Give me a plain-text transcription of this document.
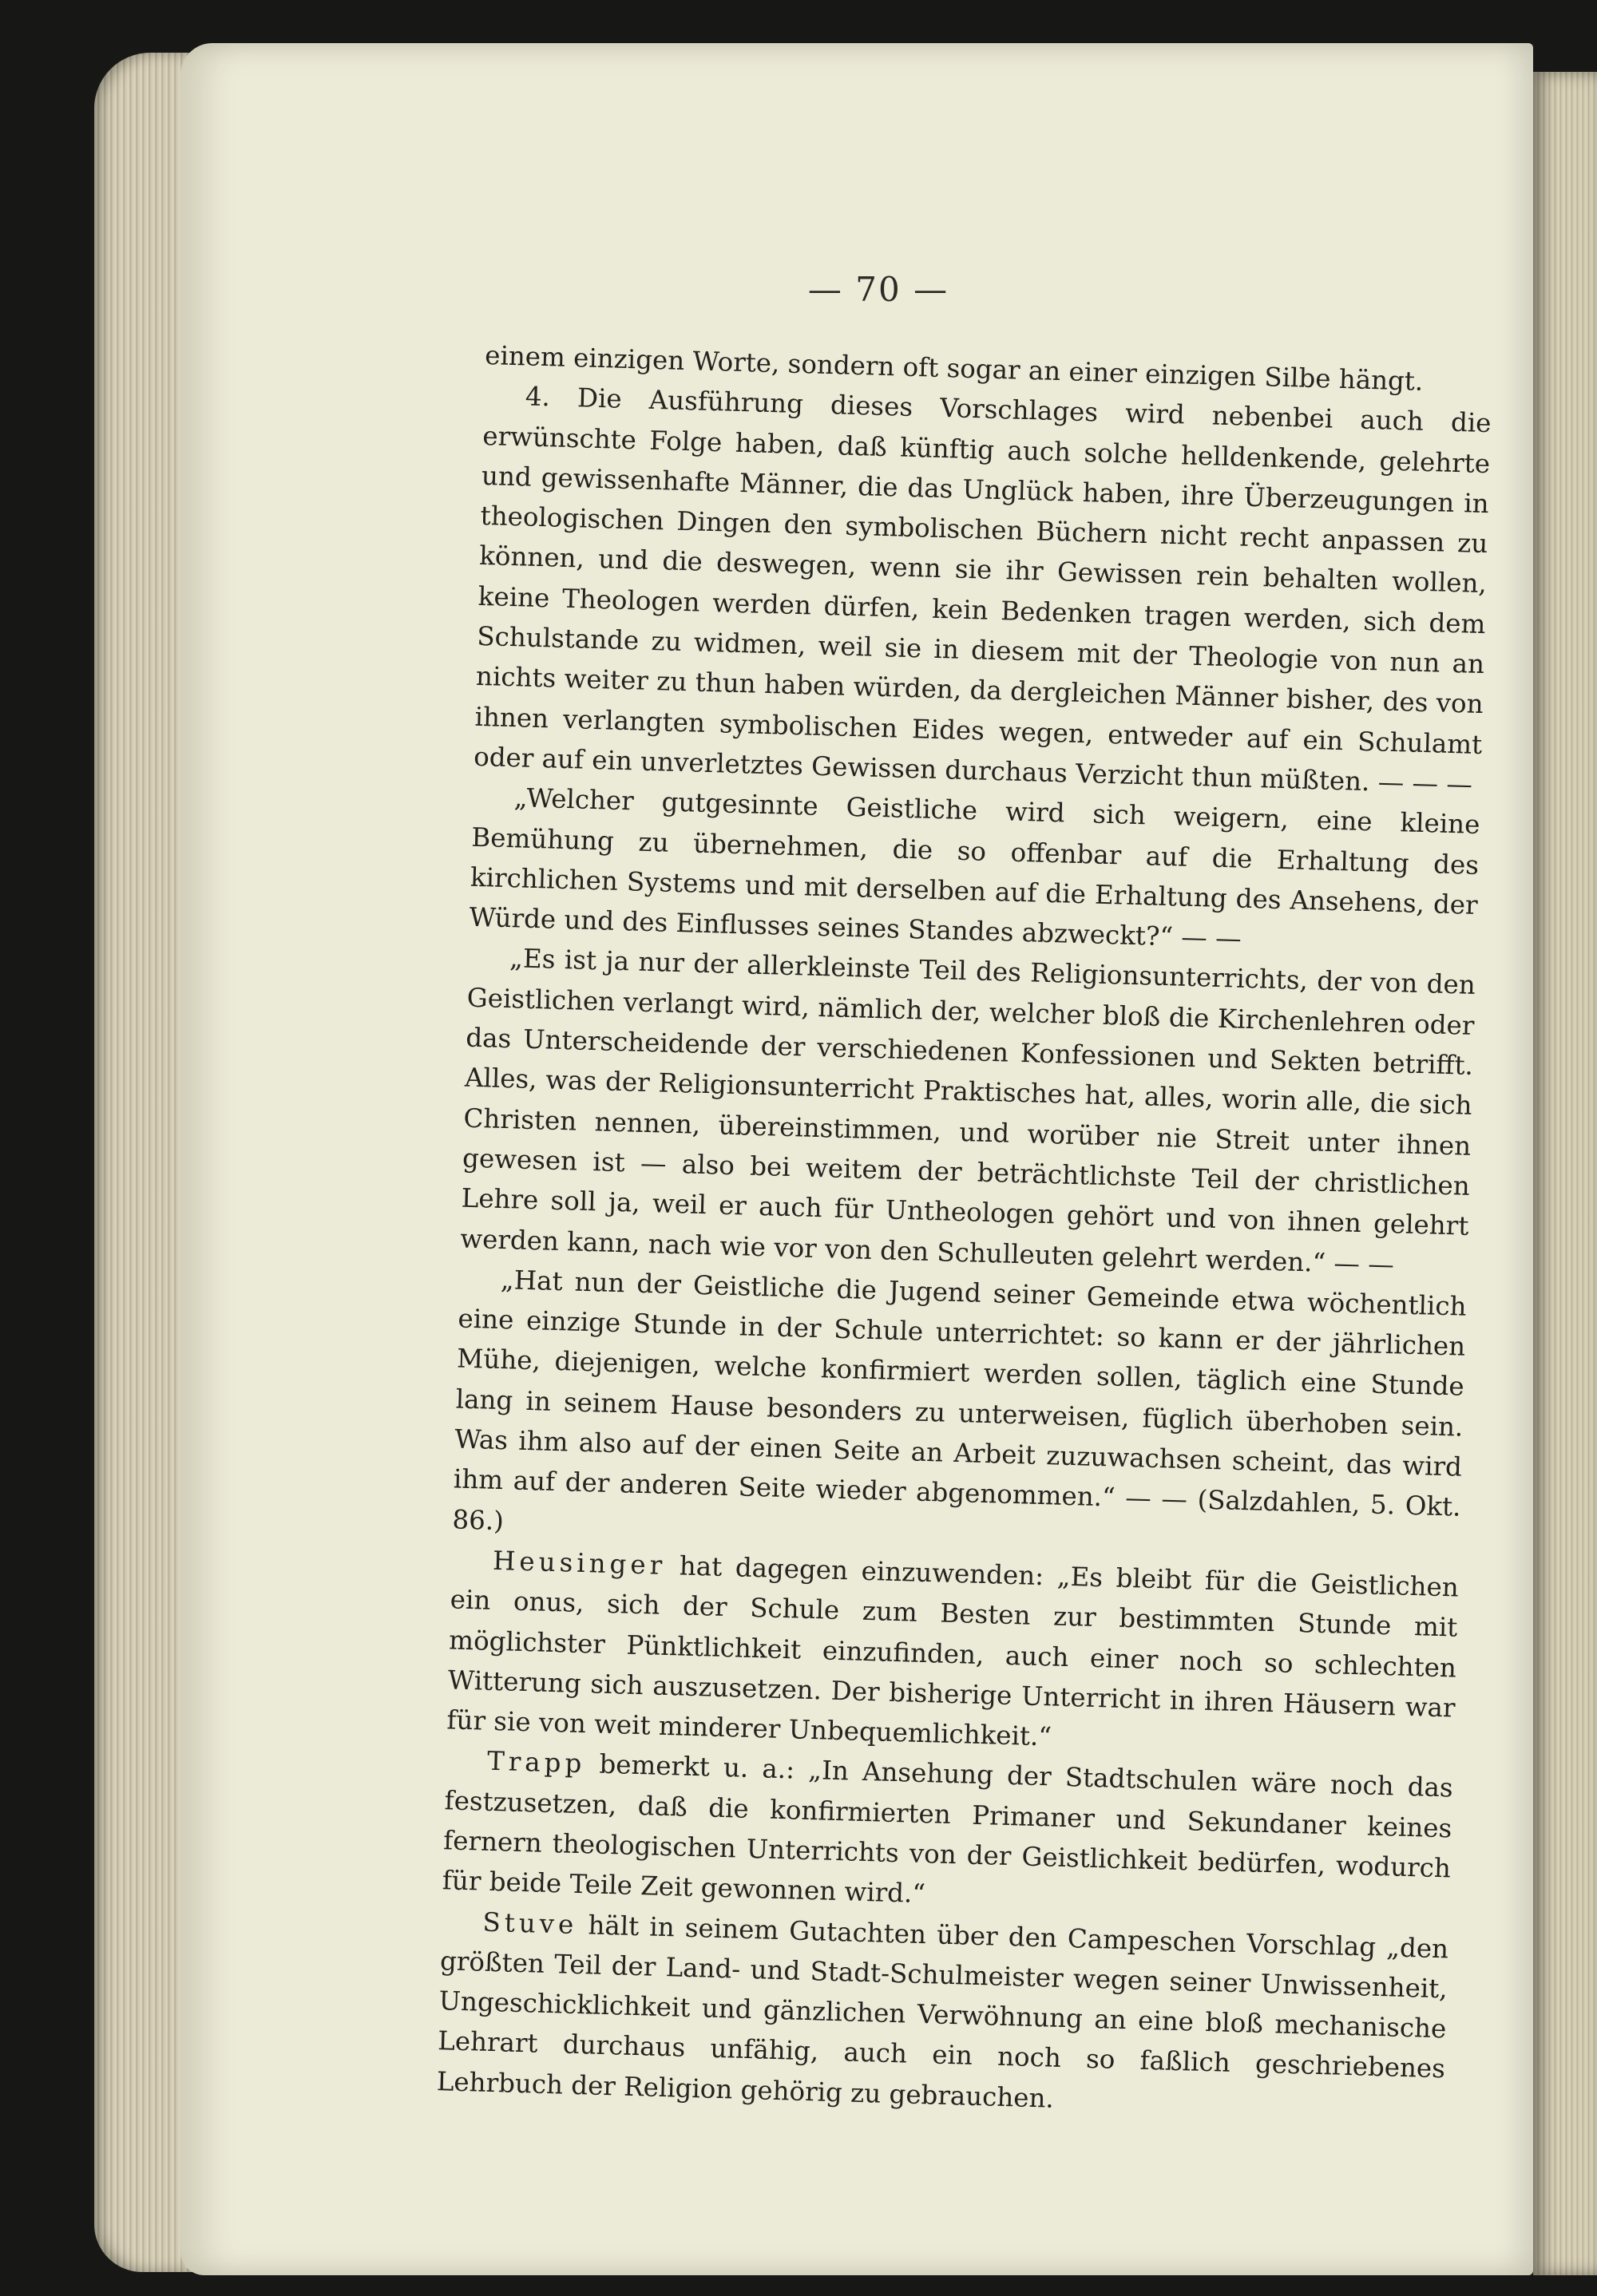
— 70 —

einem einzigen Worte, sondern oft sogar an einer einzigen Silbe hängt.

4. Die Ausführung dieses Vorschlages wird nebenbei auch die erwünschte Folge haben, daß künftig auch solche helldenkende, gelehrte und gewissenhafte Männer, die das Unglück haben, ihre Überzeugungen in theologischen Dingen den symbolischen Büchern nicht recht anpassen zu können, und die deswegen, wenn sie ihr Gewissen rein behalten wollen, keine Theologen werden dürfen, kein Bedenken tragen werden, sich dem Schulstande zu widmen, weil sie in diesem mit der Theologie von nun an nichts weiter zu thun haben würden, da dergleichen Männer bisher, des von ihnen verlangten symbolischen Eides wegen, entweder auf ein Schulamt oder auf ein unverletztes Gewissen durchaus Verzicht thun müßten. — — —

„Welcher gutgesinnte Geistliche wird sich weigern, eine kleine Bemühung zu übernehmen, die so offenbar auf die Erhaltung des kirchlichen Systems und mit derselben auf die Erhaltung des Ansehens, der Würde und des Einflusses seines Standes abzweckt?“ — —

„Es ist ja nur der allerkleinste Teil des Religionsunterrichts, der von den Geistlichen verlangt wird, nämlich der, welcher bloß die Kirchenlehren oder das Unterscheidende der verschiedenen Konfessionen und Sekten betrifft. Alles, was der Religionsunterricht Praktisches hat, alles, worin alle, die sich Christen nennen, übereinstimmen, und worüber nie Streit unter ihnen gewesen ist — also bei weitem der beträchtlichste Teil der christlichen Lehre soll ja, weil er auch für Untheologen gehört und von ihnen gelehrt werden kann, nach wie vor von den Schulleuten gelehrt werden.“ — —

„Hat nun der Geistliche die Jugend seiner Gemeinde etwa wöchentlich eine einzige Stunde in der Schule unterrichtet: so kann er der jährlichen Mühe, diejenigen, welche konfirmiert werden sollen, täglich eine Stunde lang in seinem Hause besonders zu unterweisen, füglich überhoben sein. Was ihm also auf der einen Seite an Arbeit zuzuwachsen scheint, das wird ihm auf der anderen Seite wieder abgenommen.“ — — (Salzdahlen, 5. Okt. 86.)

Heusinger hat dagegen einzuwenden: „Es bleibt für die Geistlichen ein onus, sich der Schule zum Besten zur bestimmten Stunde mit möglichster Pünktlichkeit einzufinden, auch einer noch so schlechten Witterung sich auszusetzen. Der bisherige Unterricht in ihren Häusern war für sie von weit minderer Unbequemlichkeit.“

Trapp bemerkt u. a.: „In Ansehung der Stadtschulen wäre noch das festzusetzen, daß die konfirmierten Primaner und Sekundaner keines fernern theologischen Unterrichts von der Geistlichkeit bedürfen, wodurch für beide Teile Zeit gewonnen wird.“

Stuve hält in seinem Gutachten über den Campeschen Vorschlag „den größten Teil der Land- und Stadt-Schulmeister wegen seiner Unwissenheit, Ungeschicklichkeit und gänzlichen Verwöhnung an eine bloß mechanische Lehrart durchaus unfähig, auch ein noch so faßlich geschriebenes Lehrbuch der Religion gehörig zu gebrauchen.
